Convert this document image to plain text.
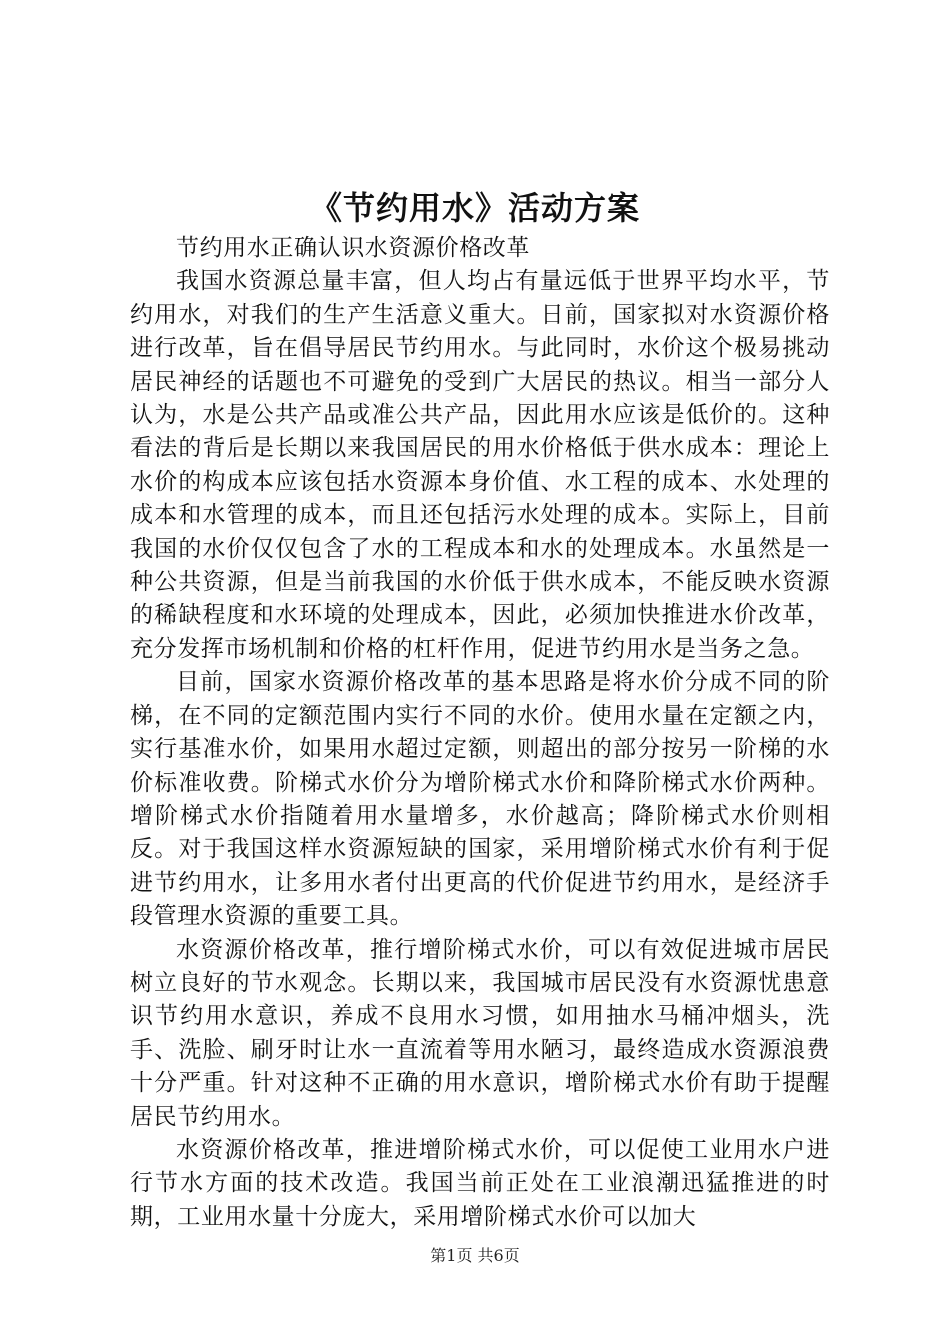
《节约用水》活动方案

节约用水正确认识水资源价格改革

我国水资源总量丰富，但人均占有量远低于世界平均水平，节约用水，对我们的生产生活意义重大。日前，国家拟对水资源价格进行改革，旨在倡导居民节约用水。与此同时，水价这个极易挑动居民神经的话题也不可避免的受到广大居民的热议。相当一部分人认为，水是公共产品或准公共产品，因此用水应该是低价的。这种看法的背后是长期以来我国居民的用水价格低于供水成本：理论上水价的构成本应该包括水资源本身价值、水工程的成本、水处理的成本和水管理的成本，而且还包括污水处理的成本。实际上，目前我国的水价仅仅包含了水的工程成本和水的处理成本。水虽然是一种公共资源，但是当前我国的水价低于供水成本，不能反映水资源的稀缺程度和水环境的处理成本，因此，必须加快推进水价改革，充分发挥市场机制和价格的杠杆作用，促进节约用水是当务之急。

目前，国家水资源价格改革的基本思路是将水价分成不同的阶梯，在不同的定额范围内实行不同的水价。使用水量在定额之内，实行基准水价，如果用水超过定额，则超出的部分按另一阶梯的水价标准收费。阶梯式水价分为增阶梯式水价和降阶梯式水价两种。增阶梯式水价指随着用水量增多，水价越高；降阶梯式水价则相反。对于我国这样水资源短缺的国家，采用增阶梯式水价有利于促进节约用水，让多用水者付出更高的代价促进节约用水，是经济手段管理水资源的重要工具。

水资源价格改革，推行增阶梯式水价，可以有效促进城市居民树立良好的节水观念。长期以来，我国城市居民没有水资源忧患意识节约用水意识，养成不良用水习惯，如用抽水马桶冲烟头，洗手、洗脸、刷牙时让水一直流着等用水陋习，最终造成水资源浪费十分严重。针对这种不正确的用水意识，增阶梯式水价有助于提醒居民节约用水。

水资源价格改革，推进增阶梯式水价，可以促使工业用水户进行节水方面的技术改造。我国当前正处在工业浪潮迅猛推进的时期，工业用水量十分庞大，采用增阶梯式水价可以加大

第1页 共6页
